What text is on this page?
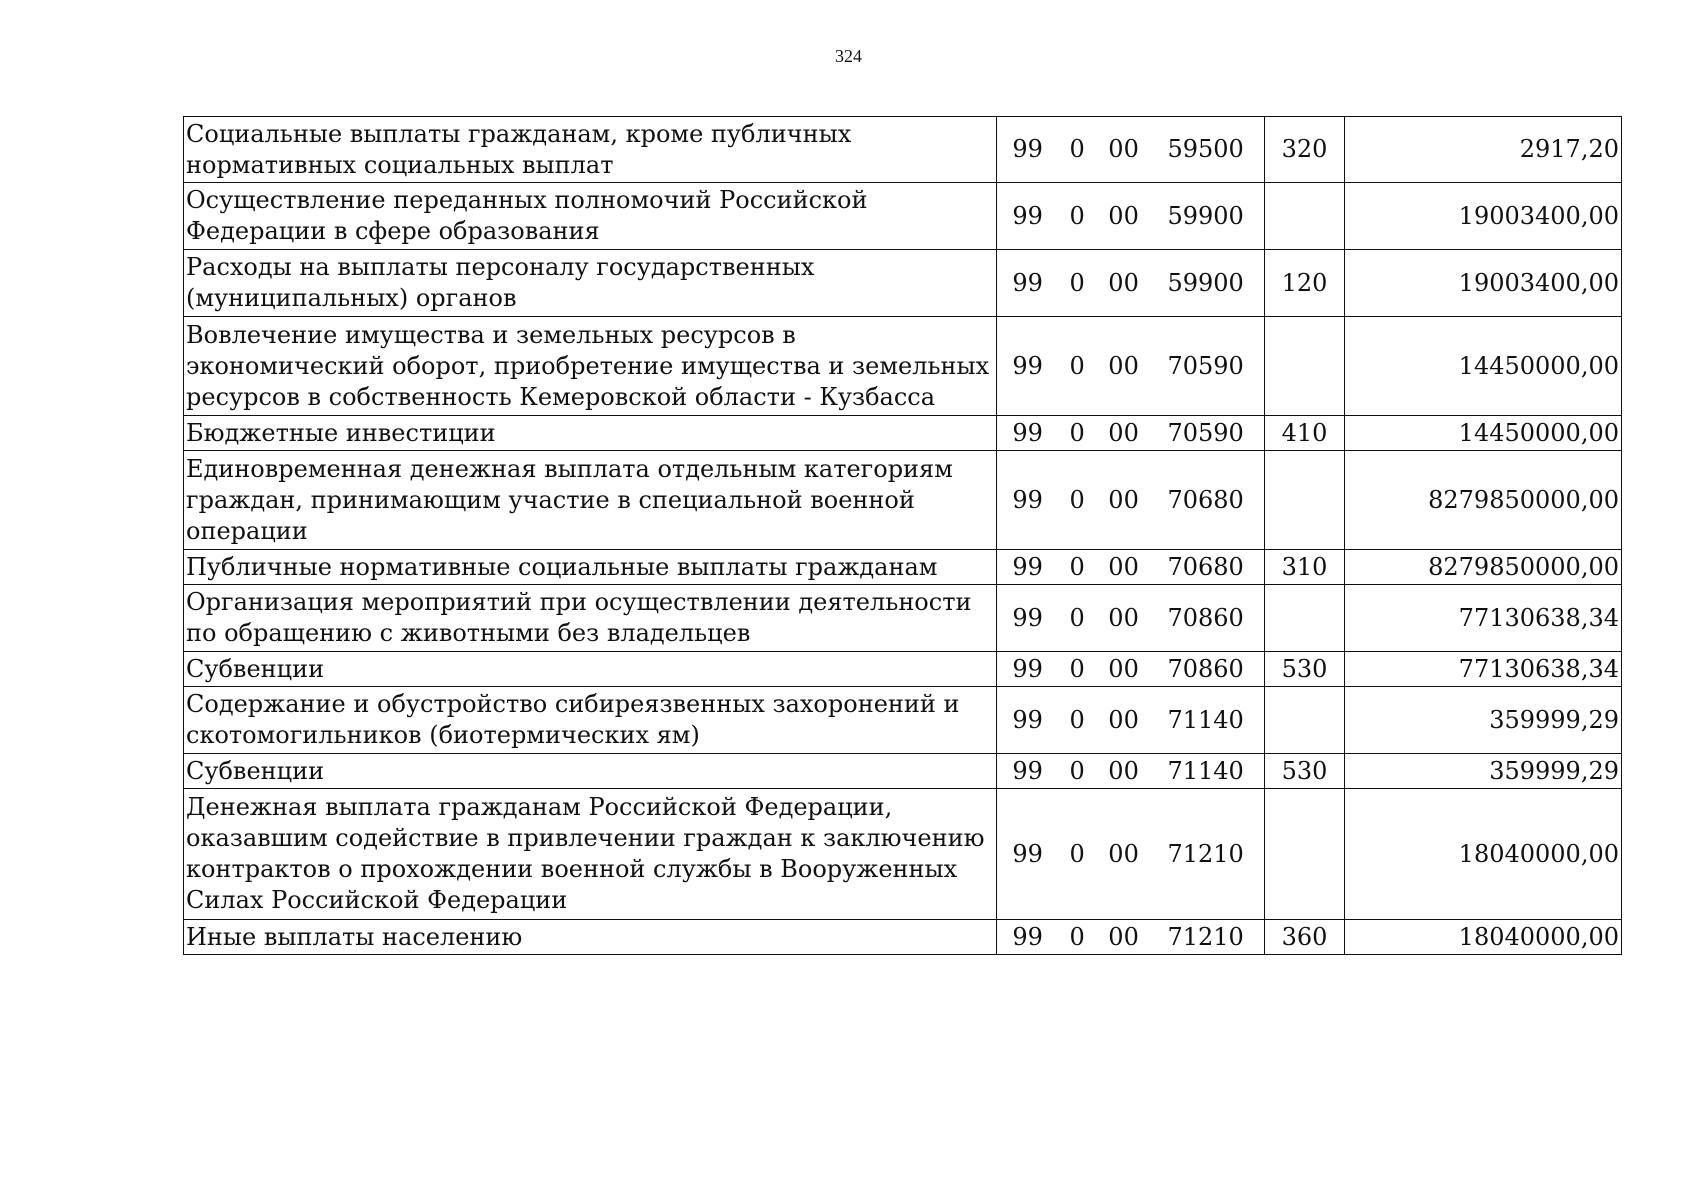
324
Социальные выплаты гражданам, кроме публичных нормативных социальных выплат	99 0 00 59500	320	2917,20
Осуществление переданных полномочий Российской Федерации в сфере образования	99 0 00 59900		19003400,00
Расходы на выплаты персоналу государственных (муниципальных) органов	99 0 00 59900	120	19003400,00
Вовлечение имущества и земельных ресурсов в экономический оборот, приобретение имущества и земельных ресурсов в собственность Кемеровской области - Кузбасса	99 0 00 70590		14450000,00
Бюджетные инвестиции	99 0 00 70590	410	14450000,00
Единовременная денежная выплата отдельным категориям граждан, принимающим участие в специальной военной операции	99 0 00 70680		8279850000,00
Публичные нормативные социальные выплаты гражданам	99 0 00 70680	310	8279850000,00
Организация мероприятий при осуществлении деятельности по обращению с животными без владельцев	99 0 00 70860		77130638,34
Субвенции	99 0 00 70860	530	77130638,34
Содержание и обустройство сибиреязвенных захоронений и скотомогильников (биотермических ям)	99 0 00 71140		359999,29
Субвенции	99 0 00 71140	530	359999,29
Денежная выплата гражданам Российской Федерации, оказавшим содействие в привлечении граждан к заключению контрактов о прохождении военной службы в Вооруженных Силах Российской Федерации	99 0 00 71210		18040000,00
Иные выплаты населению	99 0 00 71210	360	18040000,00
